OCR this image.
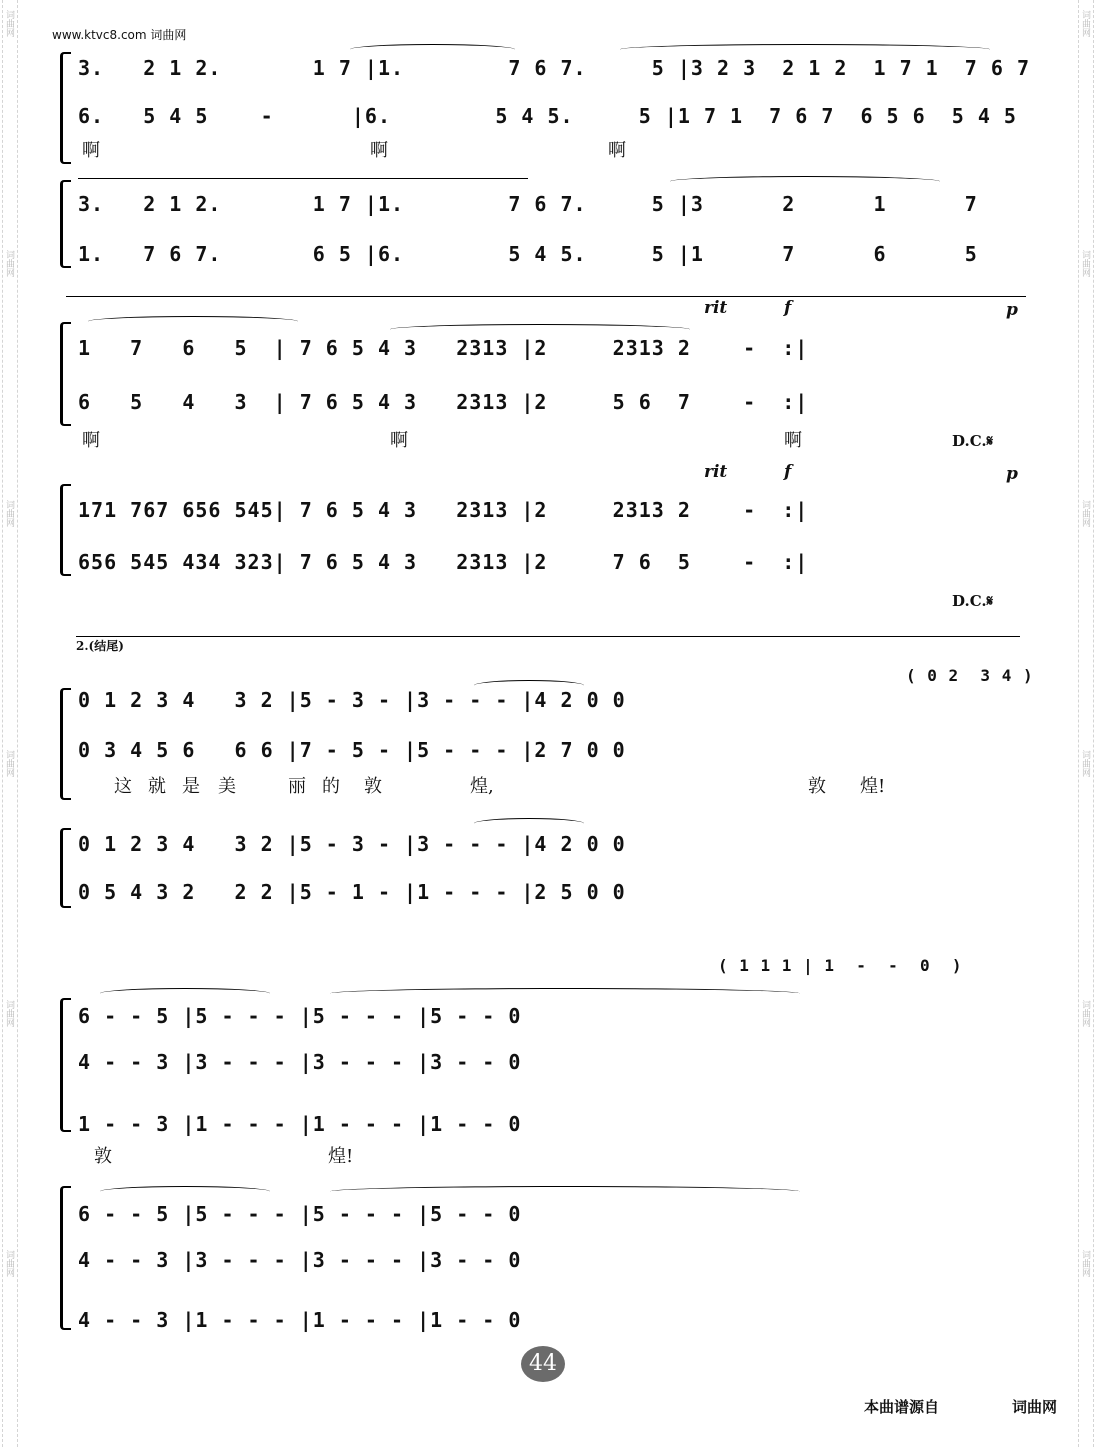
词曲网
词曲网
词曲网
词曲网
词曲网
词曲网
词曲网
词曲网
词曲网
词曲网
词曲网
词曲网
www.ktvc8.com 词曲网
3.   2 1 2.       1 7 |1.        7 6 7.     5 |3 2 3  2 1 2  1 7 1  7 6 7
6.   5 4 5    -      |6.        5 4 5.     5 |1 7 1  7 6 7  6 5 6  5 4 5
啊	啊	啊
3.   2 1 2.       1 7 |1.        7 6 7.     5 |3      2      1      7
1.   7 6 7.       6 5 |6.        5 4 5.     5 |1      7      6      5
rit	f	p
1   7   6   5  | 7 6 5 4 3   2313 |2     2313 2    -  :|
6   5   4   3  | 7 6 5 4 3   2313 |2     5 6  7    -  :|
啊	啊	啊	D.C.𝄋
rit	f	p
171 767 656 545| 7 6 5 4 3   2313 |2     2313 2    -  :|
656 545 434 323| 7 6 5 4 3   2313 |2     7 6  5    -  :|
D.C.𝄋
2.(结尾)
( 0 2  3 4 )
0 1 2 3 4   3 2 |5 - 3 - |3 - - - |4 2 0 0
0 3 4 5 6   6 6 |7 - 5 - |5 - - - |2 7 0 0
这 就 是 美	丽 的 敦	煌,	敦 煌!
0 1 2 3 4   3 2 |5 - 3 - |3 - - - |4 2 0 0
0 5 4 3 2   2 2 |5 - 1 - |1 - - - |2 5 0 0
( 1 1 1 | 1  -  -  0  )
6 - - 5 |5 - - - |5 - - - |5 - - 0
4 - - 3 |3 - - - |3 - - - |3 - - 0
1 - - 3 |1 - - - |1 - - - |1 - - 0
敦	煌!
6 - - 5 |5 - - - |5 - - - |5 - - 0
4 - - 3 |3 - - - |3 - - - |3 - - 0
4 - - 3 |1 - - - |1 - - - |1 - - 0
44
本曲谱源自	词曲网
